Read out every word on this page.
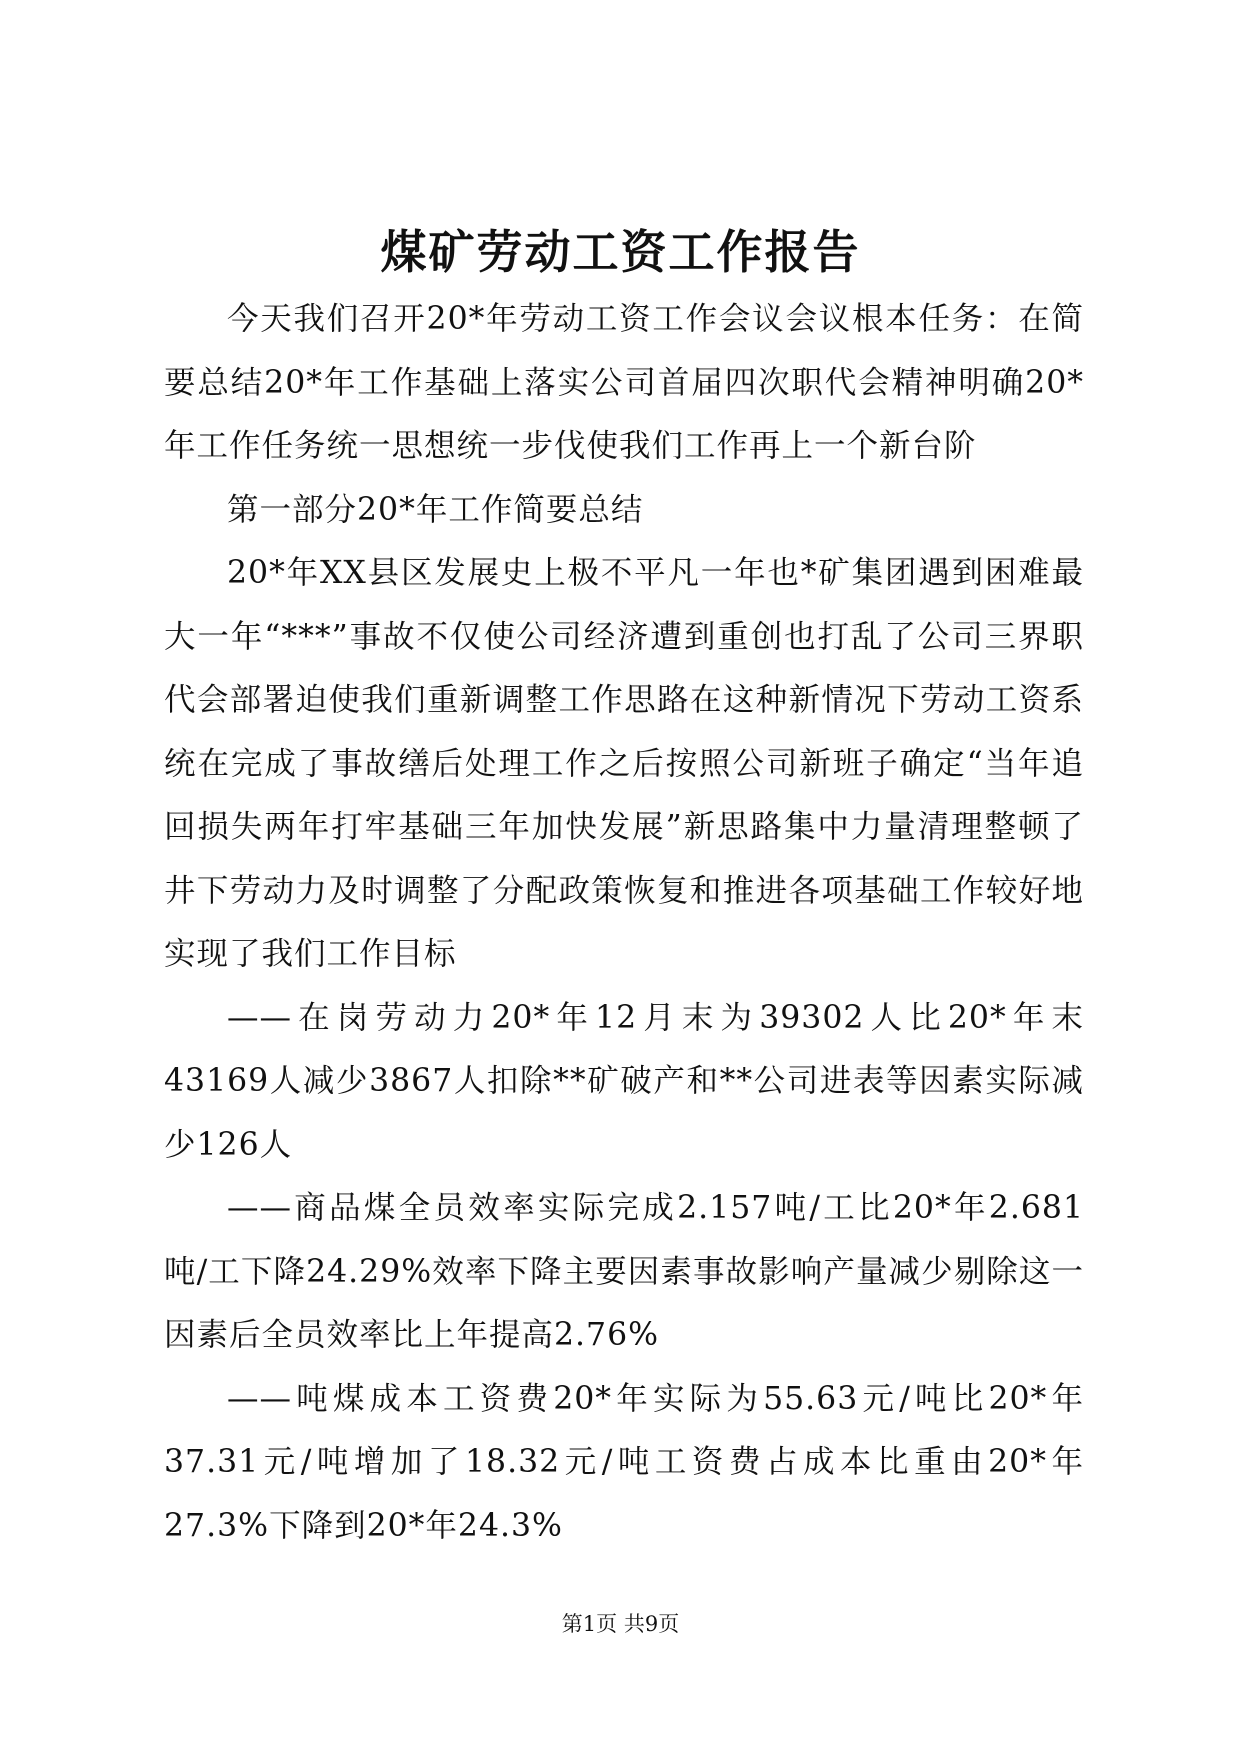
煤矿劳动工资工作报告

今天我们召开20*年劳动工资工作会议会议根本任务：在简要总结20*年工作基础上落实公司首届四次职代会精神明确20*年工作任务统一思想统一步伐使我们工作再上一个新台阶

第一部分20*年工作简要总结

20*年XX县区发展史上极不平凡一年也*矿集团遇到困难最大一年“***”事故不仅使公司经济遭到重创也打乱了公司三界职代会部署迫使我们重新调整工作思路在这种新情况下劳动工资系统在完成了事故缮后处理工作之后按照公司新班子确定“当年追回损失两年打牢基础三年加快发展”新思路集中力量清理整顿了井下劳动力及时调整了分配政策恢复和推进各项基础工作较好地实现了我们工作目标

——在岗劳动力20*年12月末为39302人比20*年末43169人减少3867人扣除**矿破产和**公司进表等因素实际减少126人

——商品煤全员效率实际完成2.157吨/工比20*年2.681吨/工下降24.29%效率下降主要因素事故影响产量减少剔除这一因素后全员效率比上年提高2.76%

——吨煤成本工资费20*年实际为55.63元/吨比20*年37.31元/吨增加了18.32元/吨工资费占成本比重由20*年27.3%下降到20*年24.3%

第1页 共9页
